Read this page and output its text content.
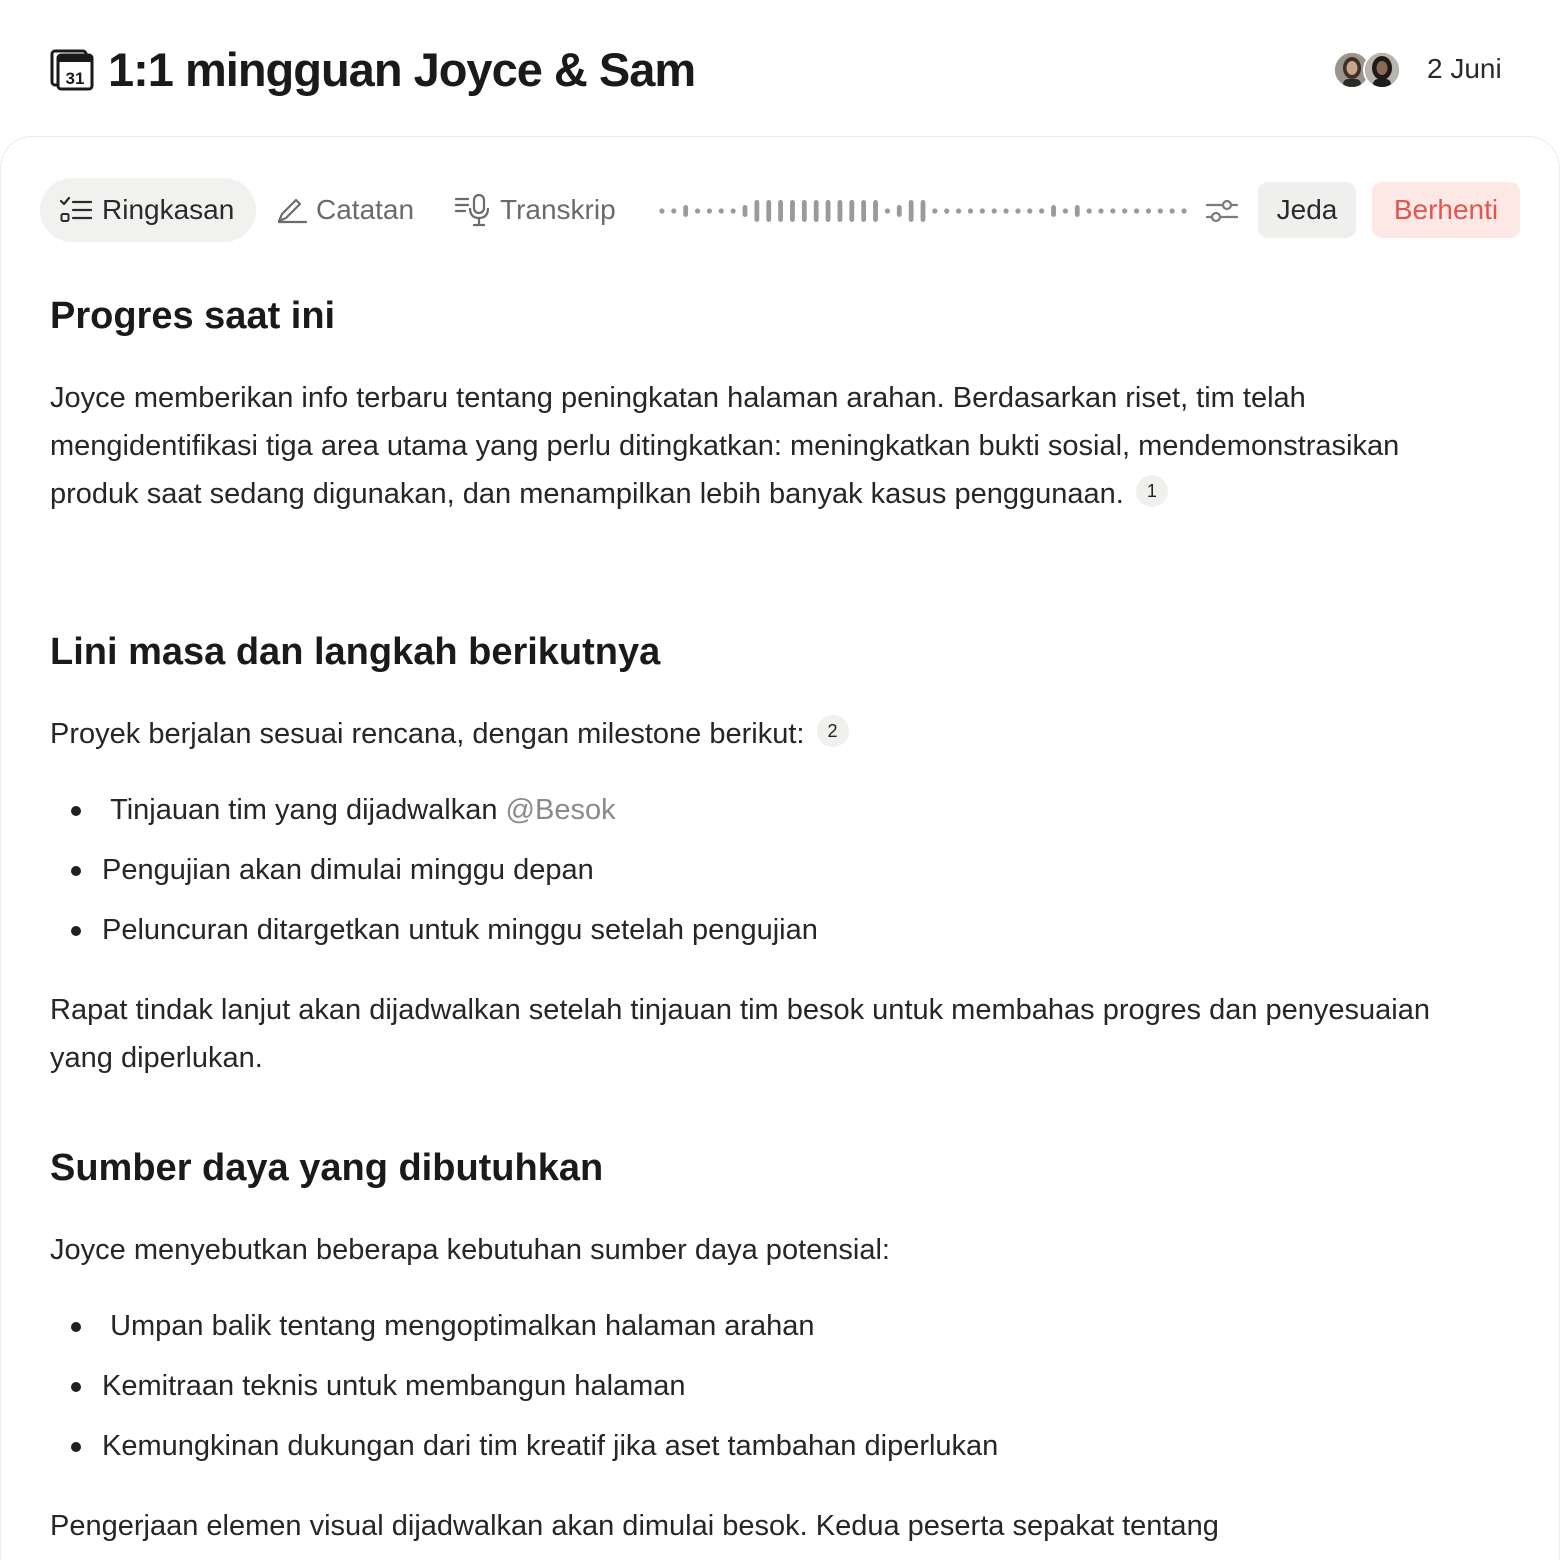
31 1:1 mingguan Joyce & Sam	2 Juni
Ringkasan	Catatan	Transkrip	Jeda	Berhenti
Progres saat ini

Joyce memberikan info terbaru tentang peningkatan halaman arahan. Berdasarkan riset, tim telah mengidentifikasi tiga area utama yang perlu ditingkatkan: meningkatkan bukti sosial, mendemonstrasikan produk saat sedang digunakan, dan menampilkan lebih banyak kasus penggunaan. 1

Lini masa dan langkah berikutnya

Proyek berjalan sesuai rencana, dengan milestone berikut: 2

Tinjauan tim yang dijadwalkan @Besok
Pengujian akan dimulai minggu depan
Peluncuran ditargetkan untuk minggu setelah pengujian

Rapat tindak lanjut akan dijadwalkan setelah tinjauan tim besok untuk membahas progres dan penyesuaian yang diperlukan.

Sumber daya yang dibutuhkan

Joyce menyebutkan beberapa kebutuhan sumber daya potensial:

Umpan balik tentang mengoptimalkan halaman arahan
Kemitraan teknis untuk membangun halaman
Kemungkinan dukungan dari tim kreatif jika aset tambahan diperlukan

Pengerjaan elemen visual dijadwalkan akan dimulai besok. Kedua peserta sepakat tentang
